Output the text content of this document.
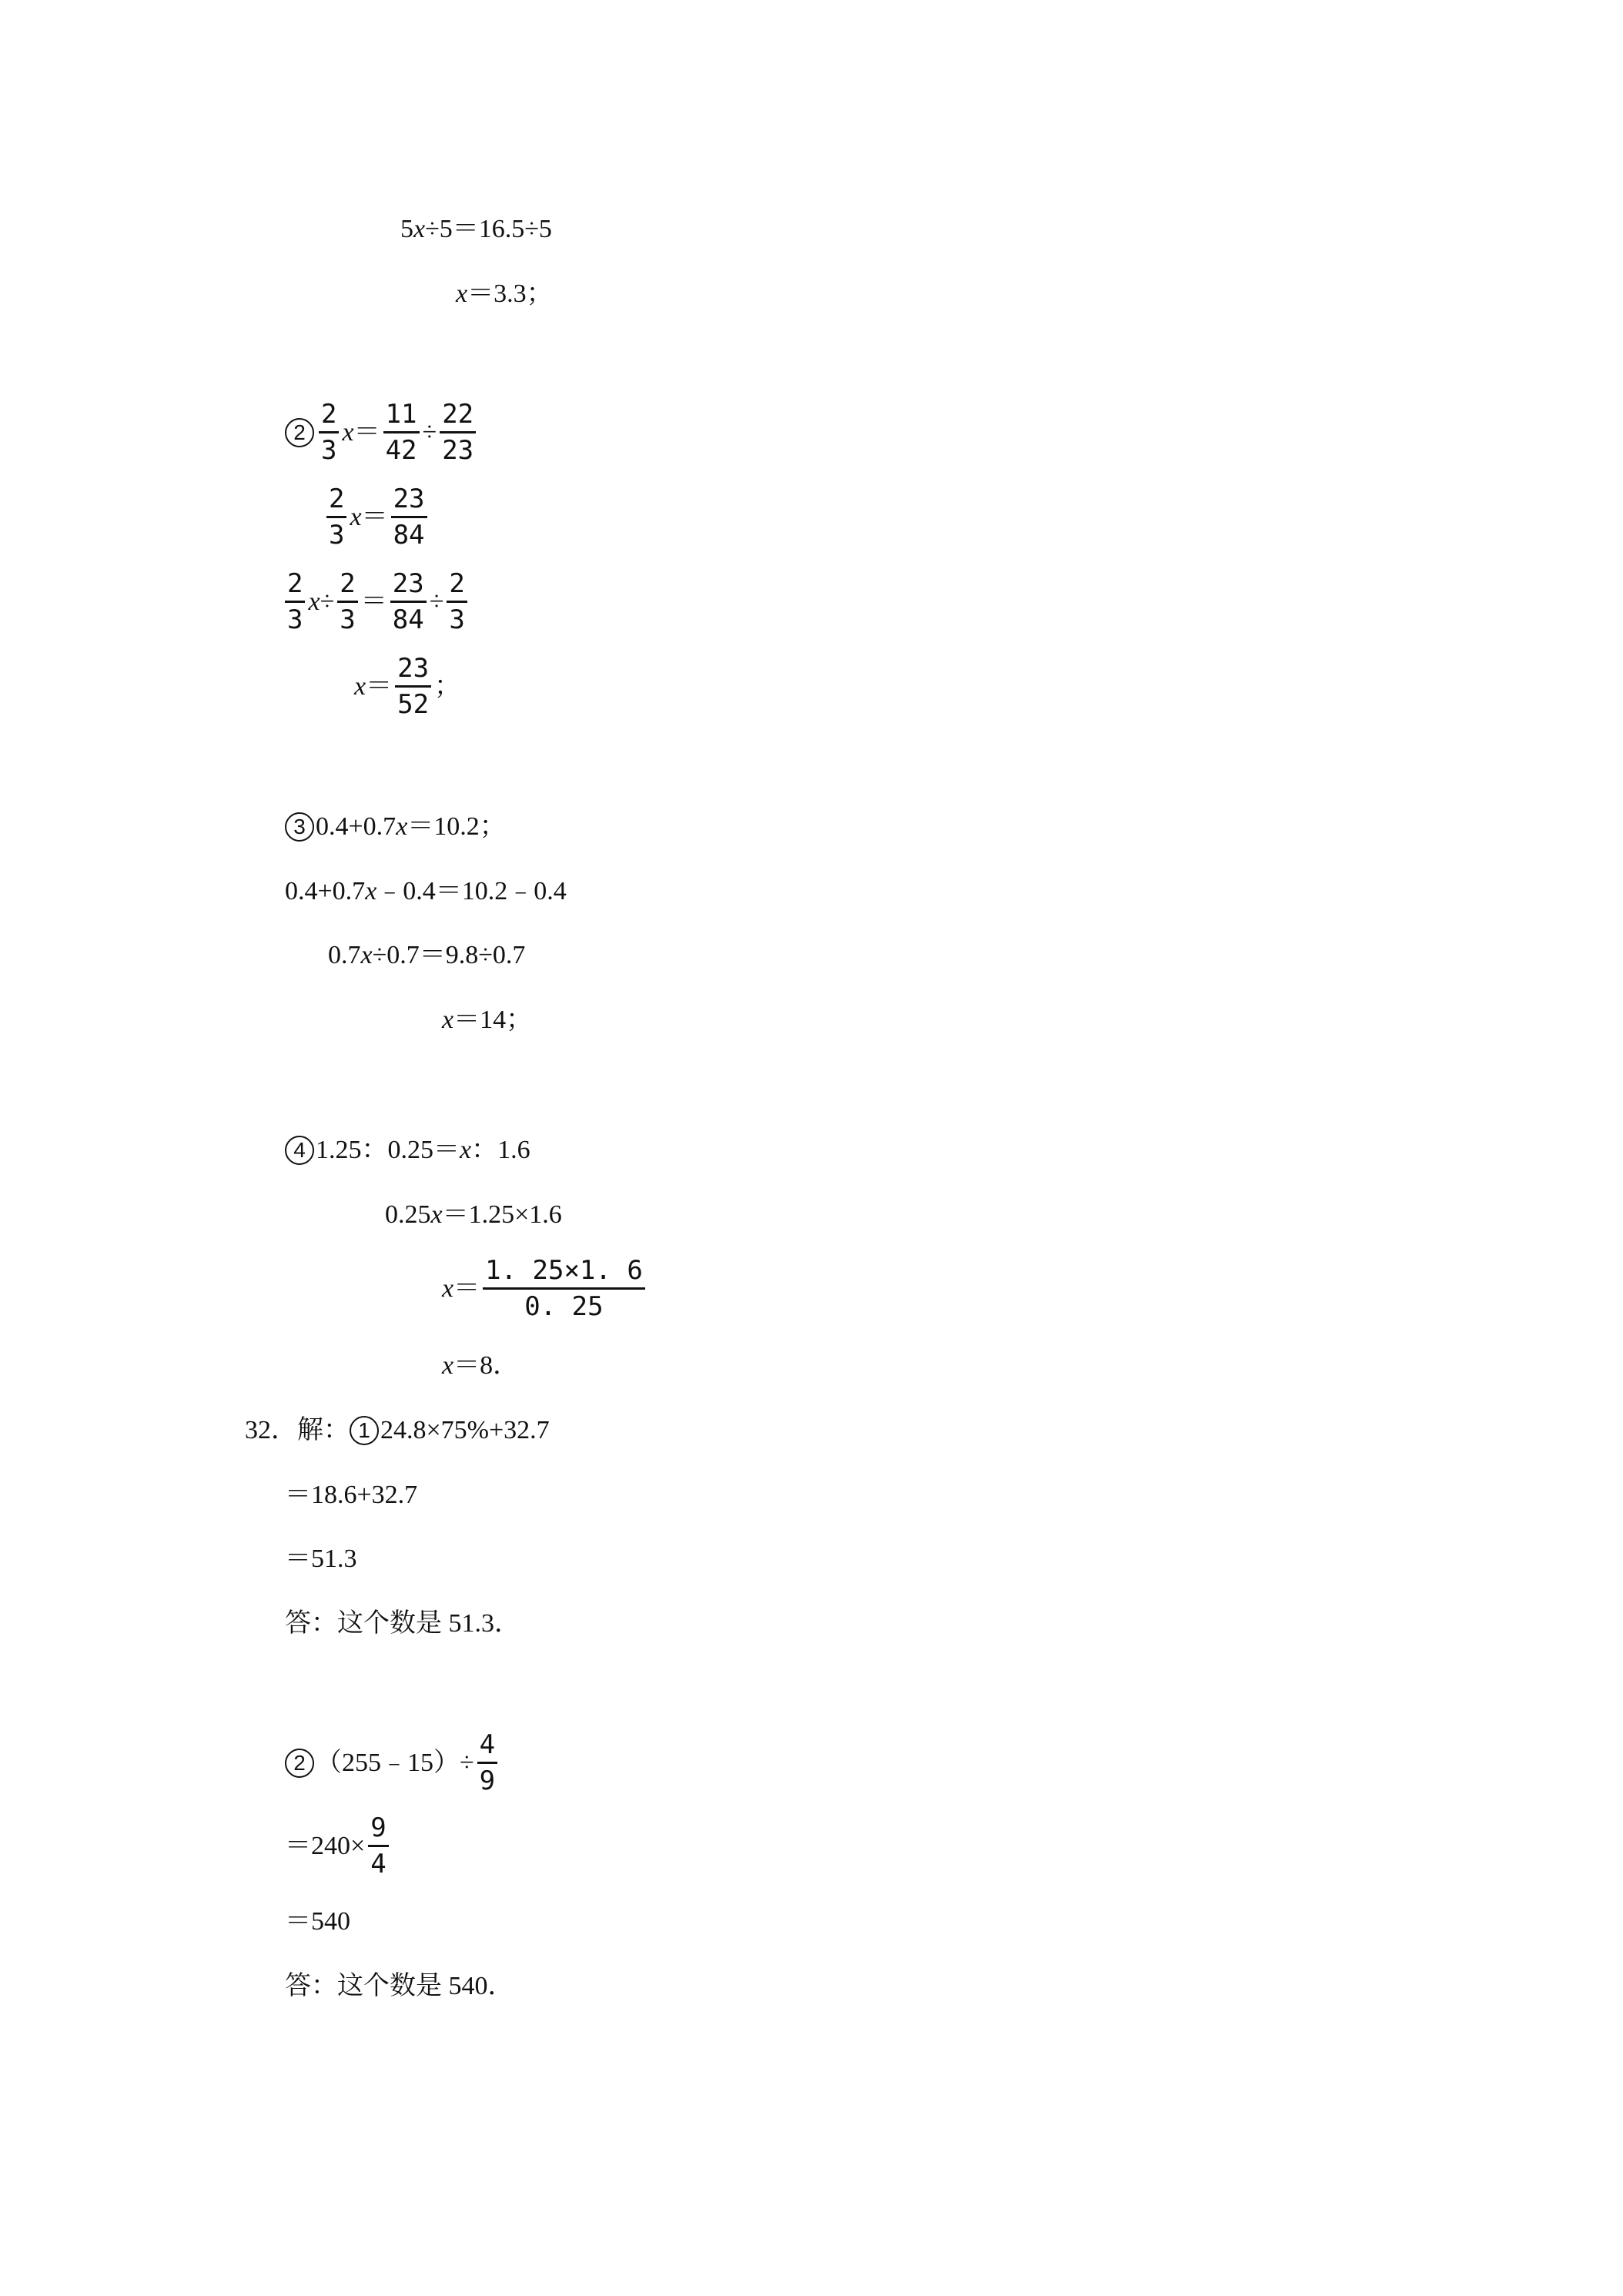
5 x ÷5＝16.5÷5
x ＝3.3；
$2 \frac{2}{3}$ $x = \frac{11}{42} \div \frac{22}{23}$
$\frac{2}{3}$ $x = \frac{23}{84}$
$\frac{2}{3}$ $x \div \frac{2}{3} = \frac{23}{84} \div \frac{2}{3}$
$x = \frac{23}{52}$ ；
3 0.4+0.7 x ＝10.2；
0.4+0.7 x ﹣0.4＝10.2﹣0.4
0.7 x ÷0.7＝9.8÷0.7
x ＝14；
4 1.25：0.25＝ x ：1.6
0.25 x ＝1.25×1.6
$x = \frac{1. 25\times 1. 6}{0. 25}$
x ＝8．
32．解： 1 24.8×75%+32.7
＝18.6+32.7
＝51.3
答：这个数是 51.3．
2 （255﹣15）÷ $\frac{4}{9}$
$=240\times \frac{9}{4}$
＝540
答：这个数是 540．
